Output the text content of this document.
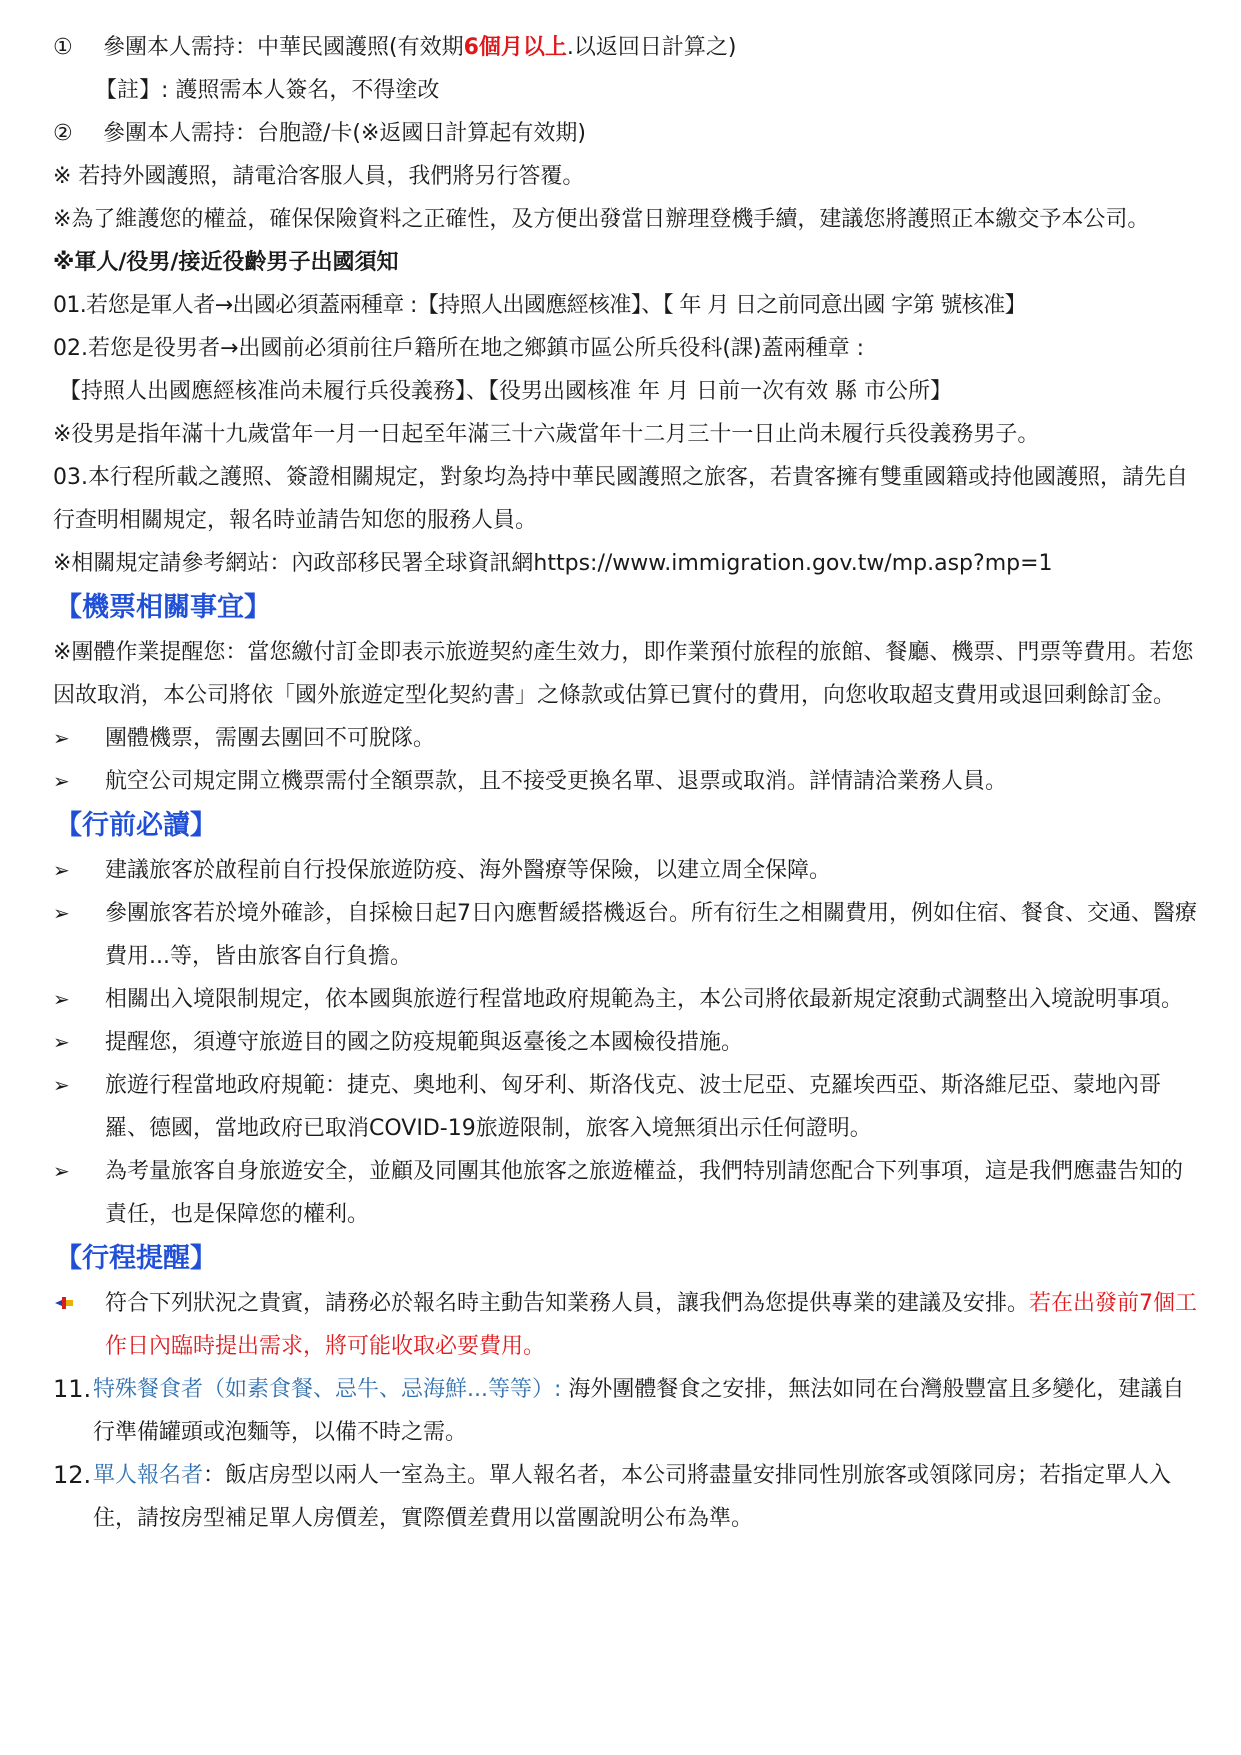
① 參團本人需持：中華民國護照(有效期6個月以上.以返回日計算之)
【註】: 護照需本人簽名，不得塗改
② 參團本人需持：台胞證/卡(※返國日計算起有效期)
※ 若持外國護照，請電洽客服人員，我們將另行答覆。
※為了維護您的權益，確保保險資料之正確性，及方便出發當日辦理登機手續，建議您將護照正本繳交予本公司。
※軍人/役男/接近役齡男子出國須知
01.若您是軍人者→出國必須蓋兩種章 :【持照人出國應經核准】、【 年 月 日之前同意出國 字第 號核准】
02.若您是役男者→出國前必須前往戶籍所在地之鄉鎮市區公所兵役科(課)蓋兩種章 :
【持照人出國應經核准尚未履行兵役義務】、【役男出國核准 年 月 日前一次有效 縣 市公所】
※役男是指年滿十九歲當年一月一日起至年滿三十六歲當年十二月三十一日止尚未履行兵役義務男子。
03.本行程所載之護照、簽證相關規定，對象均為持中華民國護照之旅客，若貴客擁有雙重國籍或持他國護照，請先自行查明相關規定，報名時並請告知您的服務人員。
※相關規定請參考網站：內政部移民署全球資訊網https://www.immigration.gov.tw/mp.asp?mp=1
【機票相關事宜】
※團體作業提醒您：當您繳付訂金即表示旅遊契約產生效力，即作業預付旅程的旅館、餐廳、機票、門票等費用。若您因故取消，本公司將依「國外旅遊定型化契約書」之條款或估算已實付的費用，向您收取超支費用或退回剩餘訂金。
➢	團體機票，需團去團回不可脫隊。
➢	航空公司規定開立機票需付全額票款，且不接受更換名單、退票或取消。詳情請洽業務人員。
【行前必讀】
➢	建議旅客於啟程前自行投保旅遊防疫、海外醫療等保險，以建立周全保障。
➢	參團旅客若於境外確診，自採檢日起7日內應暫緩搭機返台。所有衍生之相關費用，例如住宿、餐食、交通、醫療費用...等，皆由旅客自行負擔。
➢	相關出入境限制規定，依本國與旅遊行程當地政府規範為主，本公司將依最新規定滾動式調整出入境說明事項。
➢	提醒您，須遵守旅遊目的國之防疫規範與返臺後之本國檢役措施。
➢	旅遊行程當地政府規範：捷克、奧地利、匈牙利、斯洛伐克、波士尼亞、克羅埃西亞、斯洛維尼亞、蒙地內哥羅、德國，當地政府已取消COVID-19旅遊限制，旅客入境無須出示任何證明。
➢	為考量旅客自身旅遊安全，並顧及同團其他旅客之旅遊權益，我們特別請您配合下列事項，這是我們應盡告知的責任，也是保障您的權利。
【行程提醒】
符合下列狀況之貴賓，請務必於報名時主動告知業務人員，讓我們為您提供專業的建議及安排。若在出發前7個工作日內臨時提出需求，將可能收取必要費用。
11. 特殊餐食者（如素食餐、忌牛、忌海鮮...等等）: 海外團體餐食之安排，無法如同在台灣般豐富且多變化，建議自行準備罐頭或泡麵等，以備不時之需。
12. 單人報名者：飯店房型以兩人一室為主。單人報名者，本公司將盡量安排同性別旅客或領隊同房；若指定單人入住，請按房型補足單人房價差，實際價差費用以當團說明公布為準。
